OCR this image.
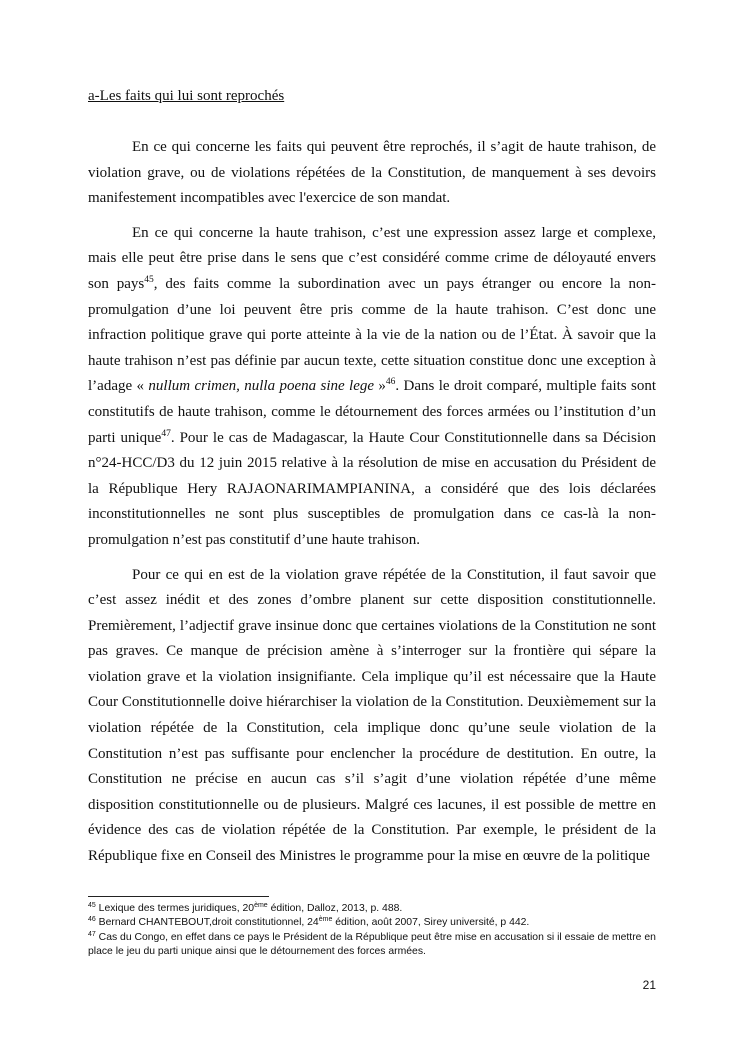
a-Les faits qui lui sont reprochés

En ce qui concerne les faits qui peuvent être reprochés, il s’agit de haute trahison, de violation grave, ou de violations répétées de la Constitution, de manquement à ses devoirs manifestement incompatibles avec l'exercice de son mandat.

En ce qui concerne la haute trahison, c’est une expression assez large et complexe, mais elle peut être prise dans le sens que c’est considéré comme crime de déloyauté envers son pays$^{45}$, des faits comme la subordination avec un pays étranger ou encore la non-promulgation d’une loi peuvent être pris comme de la haute trahison. C’est donc une infraction politique grave qui porte atteinte à la vie de la nation ou de l’État. À savoir que la haute trahison n’est pas définie par aucun texte, cette situation constitue donc une exception à l’adage « nullum crimen, nulla poena sine lege »$^{46}$. Dans le droit comparé, multiple faits sont constitutifs de haute trahison, comme le détournement des forces armées ou l’institution d’un parti unique$^{47}$. Pour le cas de Madagascar, la Haute Cour Constitutionnelle dans sa Décision n°24-HCC/D3 du 12 juin 2015 relative à la résolution de mise en accusation du Président de la République Hery RAJAONARIMAMPIANINA, a considéré que des lois déclarées inconstitutionnelles ne sont plus susceptibles de promulgation dans ce cas-là la non-promulgation n’est pas constitutif d’une haute trahison.

Pour ce qui en est de la violation grave répétée de la Constitution, il faut savoir que c’est assez inédit et des zones d’ombre planent sur cette disposition constitutionnelle. Premièrement, l’adjectif grave insinue donc que certaines violations de la Constitution ne sont pas graves. Ce manque de précision amène à s’interroger sur la frontière qui sépare la violation grave et la violation insignifiante. Cela implique qu’il est nécessaire que la Haute Cour Constitutionnelle doive hiérarchiser la violation de la Constitution. Deuxièmement sur la violation répétée de la Constitution, cela implique donc qu’une seule violation de la Constitution n’est pas suffisante pour enclencher la procédure de destitution. En outre, la Constitution ne précise en aucun cas s’il s’agit d’une violation répétée d’une même disposition constitutionnelle ou de plusieurs. Malgré ces lacunes, il est possible de mettre en évidence des cas de violation répétée de la Constitution. Par exemple, le président de la République fixe en Conseil des Ministres le programme pour la mise en œuvre de la politique

$^{45}$ Lexique des termes juridiques, 20ème édition, Dalloz, 2013, p. 488.

$^{46}$ Bernard CHANTEBOUT,droit constitutionnel, 24ème édition, août 2007, Sirey université, p 442.

$^{47}$ Cas du Congo, en effet dans ce pays le Président de la République peut être mise en accusation si il essaie de mettre en place le jeu du parti unique ainsi que le détournement des forces armées.

21
